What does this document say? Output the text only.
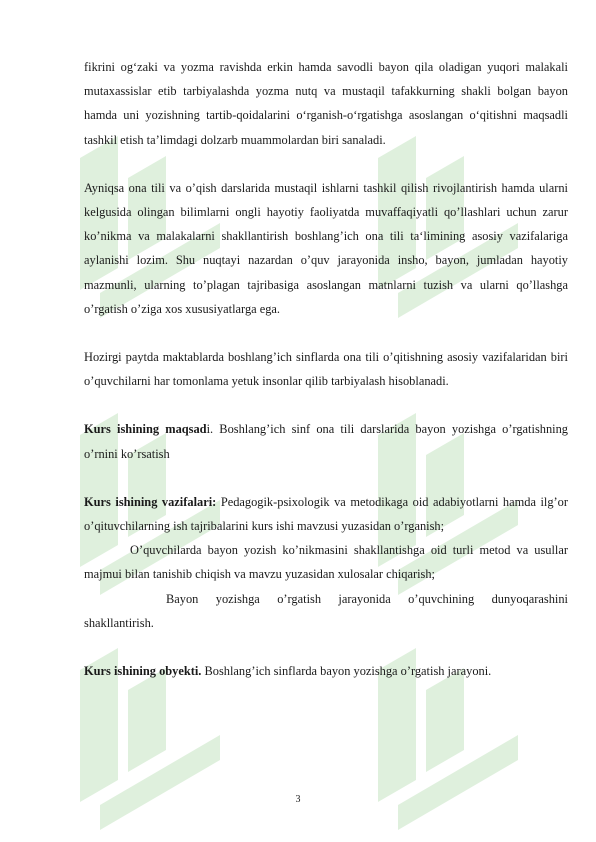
fikrini og‘zaki va yozma ravishda erkin hamda savodli bayon qila oladigan yuqori malakali mutaxassislar etib tarbiyalashda yozma nutq va mustaqil tafakkurning shakli bolgan bayon hamda uni yozishning tartib-qoidalarini o‘rganish-o‘rgatishga asoslangan o‘qitishni maqsadli tashkil etish ta’limdagi dolzarb muammolardan biri sanaladi.

Ayniqsa ona tili va o’qish darslarida mustaqil ishlarni tashkil qilish rivojlantirish hamda ularni kelgusida olingan bilimlarni ongli hayotiy faoliyatda muvaffaqiyatli qo’llashlari uchun zarur ko’nikma va malakalarni shakllantirish boshlang’ich ona tili ta‘limining asosiy vazifalariga aylanishi lozim. Shu nuqtayi nazardan o’quv jarayonida insho, bayon, jumladan hayotiy mazmunli, ularning to’plagan tajribasiga asoslangan matnlarni tuzish va ularni qo’llashga o’rgatish o’ziga xos xususiyatlarga ega.

Hozirgi paytda maktablarda boshlang’ich sinflarda ona tili o’qitishning asosiy vazifalaridan biri o’quvchilarni har tomonlama yetuk insonlar qilib tarbiyalash hisoblanadi.

Kurs ishining maqsadi. Boshlang’ich sinf ona tili darslarida bayon yozishga o’rgatishning o’rnini ko’rsatish

Kurs ishining vazifalari: Pedagogik-psixologik va metodikaga oid adabiyotlarni hamda ilg’or o’qituvchilarning ish tajribalarini kurs ishi mavzusi yuzasidan o’rganish;

O’quvchilarda bayon yozish ko’nikmasini shakllantishga oid turli metod va usullar majmui bilan tanishib chiqish va mavzu yuzasidan xulosalar chiqarish;

Bayon yozishga o’rgatish jarayonida o’quvchining dunyoqarashini shakllantirish.

Kurs ishining obyekti. Boshlang’ich sinflarda bayon yozishga o’rgatish jarayoni.

3
